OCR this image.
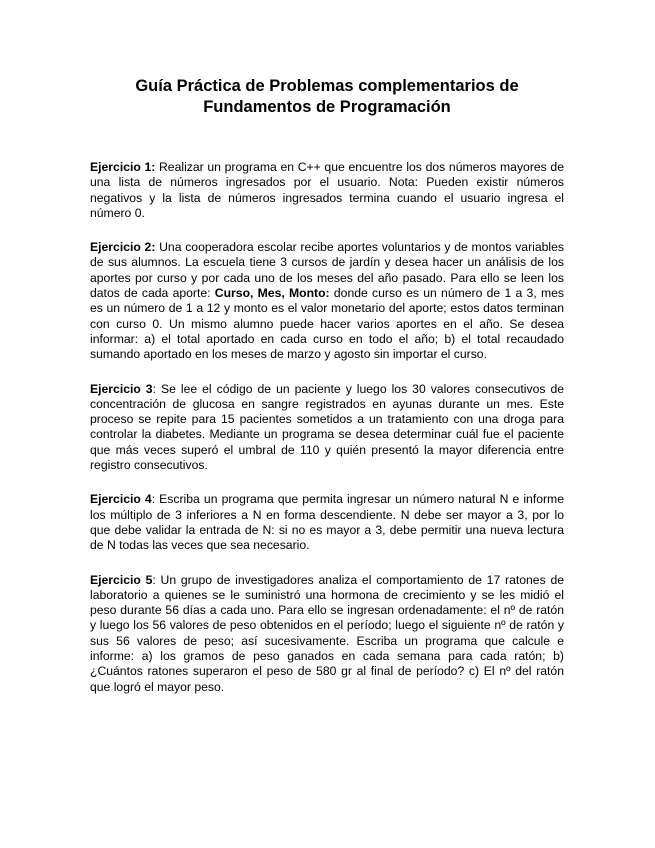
Guía Práctica de Problemas complementarios de
Fundamentos de Programación

Ejercicio 1: Realizar un programa en C++ que encuentre los dos números mayores de una lista de números ingresados por el usuario. Nota: Pueden existir números negativos y la lista de números ingresados termina cuando el usuario ingresa el número 0.

Ejercicio 2: Una cooperadora escolar recibe aportes voluntarios y de montos variables de sus alumnos. La escuela tiene 3 cursos de jardín y desea hacer un análisis de los aportes por curso y por cada uno de los meses del año pasado. Para ello se leen los datos de cada aporte: Curso, Mes, Monto: donde curso es un número de 1 a 3, mes es un número de 1 a 12 y monto es el valor monetario del aporte; estos datos terminan con curso 0. Un mismo alumno puede hacer varios aportes en el año. Se desea informar: a) el total aportado en cada curso en todo el año; b) el total recaudado sumando aportado en los meses de marzo y agosto sin importar el curso.

Ejercicio 3: Se lee el código de un paciente y luego los 30 valores consecutivos de concentración de glucosa en sangre registrados en ayunas durante un mes. Este proceso se repite para 15 pacientes sometidos a un tratamiento con una droga para controlar la diabetes. Mediante un programa se desea determinar cuál fue el paciente que más veces superó el umbral de 110 y quién presentó la mayor diferencia entre registro consecutivos.

Ejercicio 4: Escriba un programa que permita ingresar un número natural N e informe los múltiplo de 3 inferiores a N en forma descendiente. N debe ser mayor a 3, por lo que debe validar la entrada de N: si no es mayor a 3, debe permitir una nueva lectura de N todas las veces que sea necesario.

Ejercicio 5: Un grupo de investigadores analiza el comportamiento de 17 ratones de laboratorio a quienes se le suministró una hormona de crecimiento y se les midió el peso durante 56 días a cada uno. Para ello se ingresan ordenadamente: el nº de ratón y luego los 56 valores de peso obtenidos en el período; luego el siguiente nº de ratón y sus 56 valores de peso; así sucesivamente. Escriba un programa que calcule e informe: a) los gramos de peso ganados en cada semana para cada ratón; b) ¿Cuántos ratones superaron el peso de 580 gr al final de período? c) El nº del ratón que logró el mayor peso.
